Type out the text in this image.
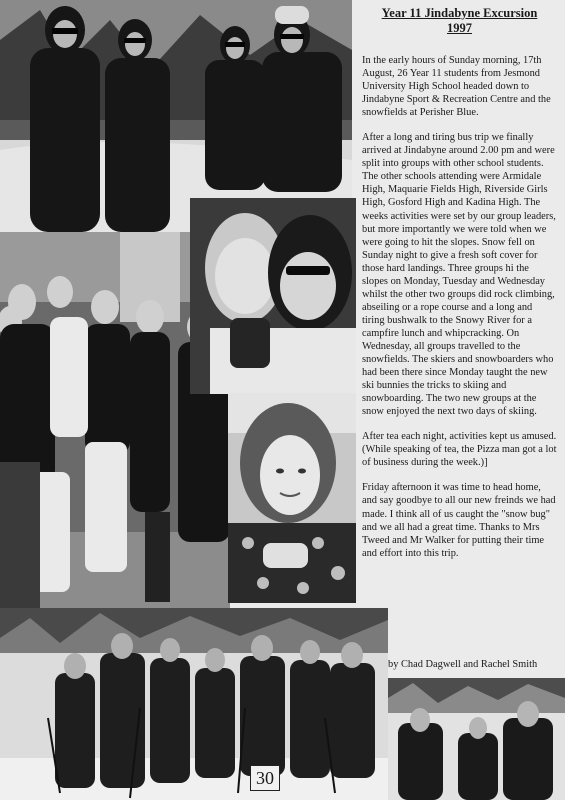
Year 11 Jindabyne Excursion
1997

In the early hours of Sunday morning, 17th August, 26 Year 11 students from Jesmond University High School headed down to Jindabyne Sport & Recreation Centre and the snowfields at Perisher Blue.

After a long and tiring bus trip we finally arrived at Jindabyne around 2.00 pm and were split into groups with other school students. The other schools attending were Armidale High, Maquarie Fields High, Riverside Girls High, Gosford High and Kadina High. The weeks activities were set by our group leaders, but more importantly we were told when we were going to hit the slopes. Snow fell on Sunday night to give a fresh soft cover for those hard landings. Three groups hi the slopes on Monday, Tuesday and Wednesday whilst the other two groups did rock climbing, abseiling or a rope course and a long and tiring bushwalk to the Snowy River for a campfire lunch and whipcracking. On Wednesday, all groups travelled to the snowfields. The skiers and snowboarders who had been there since Monday taught the new ski bunnies the tricks to skiing and snowboarding. The two new groups at the snow enjoyed the next two days of skiing.

After tea each night, activities kept us amused. (While speaking of tea, the Pizza man got a lot of business during the week.)]

Friday afternoon it was time to head home, and say goodbye to all our new freinds we had made. I think all of us caught the "snow bug" and we all had a great time. Thanks to Mrs Tweed and Mr Walker for putting their time and effort into this trip.

by Chad Dagwell and Rachel Smith
30
